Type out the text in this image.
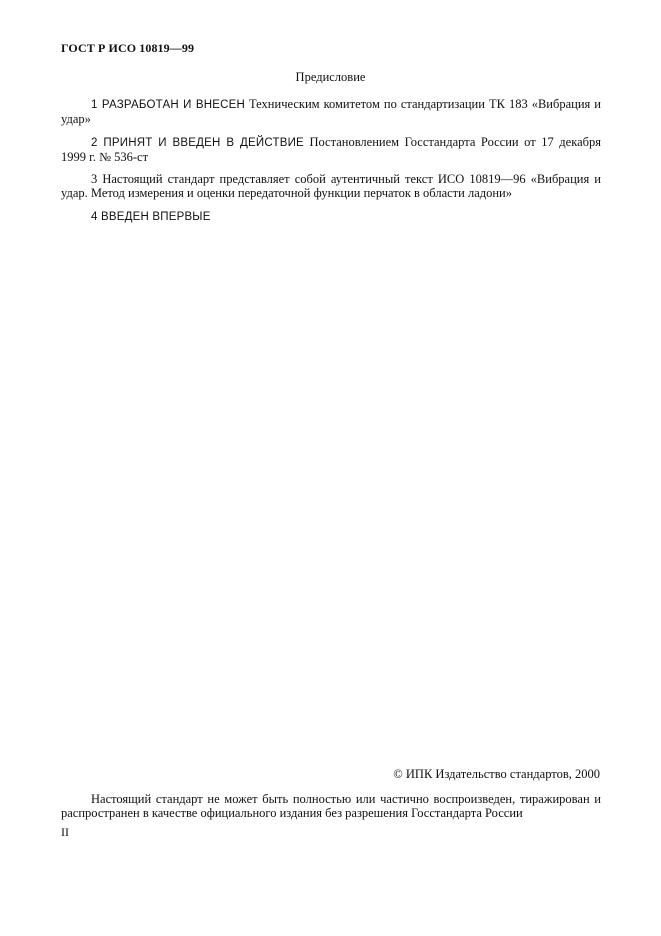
ГОСТ Р ИСО 10819—99
Предисловие

1 РАЗРАБОТАН И ВНЕСЕН Техническим комитетом по стандартизации ТК 183 «Вибрация и удар»

2 ПРИНЯТ И ВВЕДЕН В ДЕЙСТВИЕ Постановлением Госстандарта России от 17 декабря 1999 г. № 536-ст

3 Настоящий стандарт представляет собой аутентичный текст ИСО 10819—96 «Вибрация и удар. Метод измерения и оценки передаточной функции перчаток в области ладони»

4 ВВЕДЕН ВПЕРВЫЕ

© ИПК Издательство стандартов, 2000

Настоящий стандарт не может быть полностью или частично воспроизведен, тиражирован и распространен в качестве официального издания без разрешения Госстандарта России

II
